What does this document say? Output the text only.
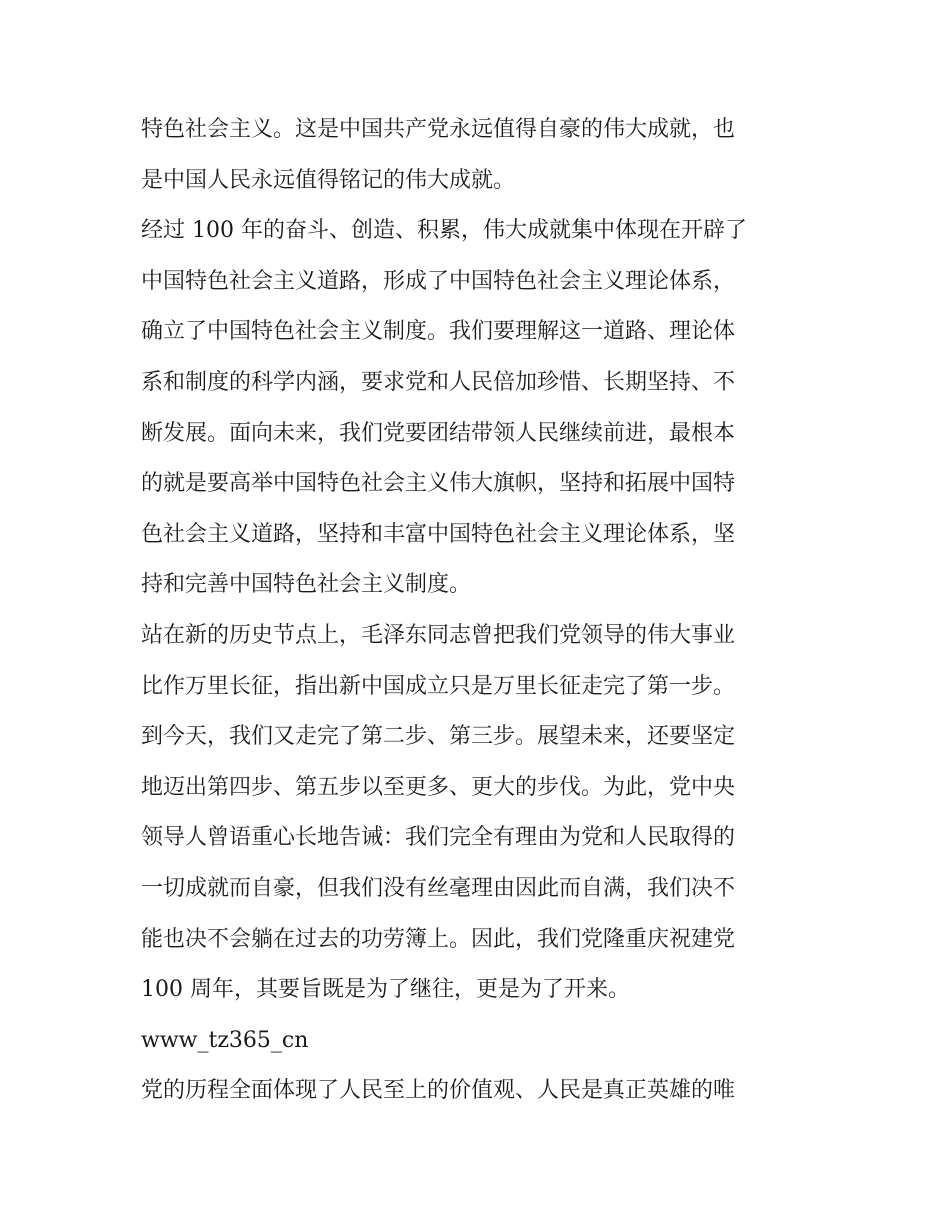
特色社会主义。这是中国共产党永远值得自豪的伟大成就，也
是中国人民永远值得铭记的伟大成就。
经过 100 年的奋斗、创造、积累，伟大成就集中体现在开辟了
中国特色社会主义道路，形成了中国特色社会主义理论体系，
确立了中国特色社会主义制度。我们要理解这一道路、理论体
系和制度的科学内涵，要求党和人民倍加珍惜、长期坚持、不
断发展。面向未来，我们党要团结带领人民继续前进，最根本
的就是要高举中国特色社会主义伟大旗帜，坚持和拓展中国特
色社会主义道路，坚持和丰富中国特色社会主义理论体系，坚
持和完善中国特色社会主义制度。
站在新的历史节点上，毛泽东同志曾把我们党领导的伟大事业
比作万里长征，指出新中国成立只是万里长征走完了第一步。
到今天，我们又走完了第二步、第三步。展望未来，还要坚定
地迈出第四步、第五步以至更多、更大的步伐。为此，党中央
领导人曾语重心长地告诫：我们完全有理由为党和人民取得的
一切成就而自豪，但我们没有丝毫理由因此而自满，我们决不
能也决不会躺在过去的功劳簿上。因此，我们党隆重庆祝建党
100 周年，其要旨既是为了继往，更是为了开来。
www_tz365_cn
党的历程全面体现了人民至上的价值观、人民是真正英雄的唯
